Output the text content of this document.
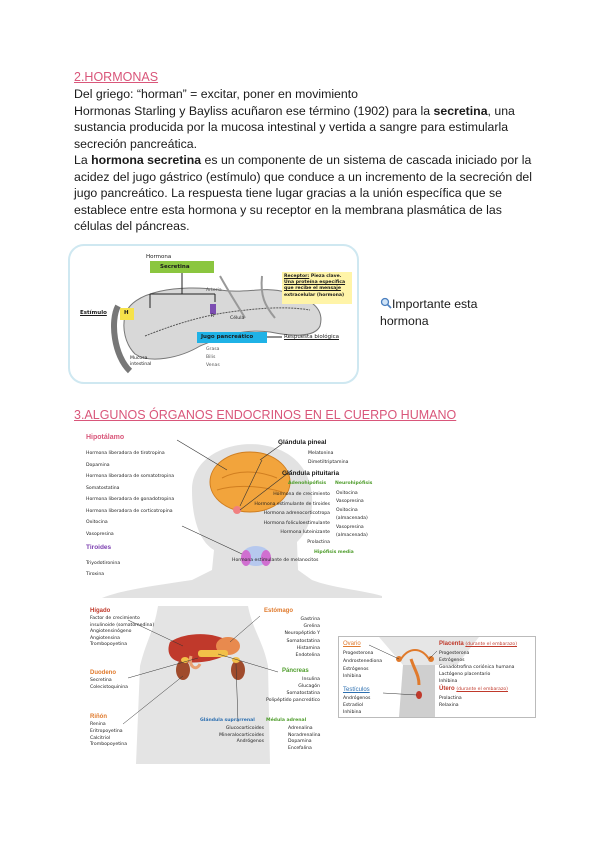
2.HORMONAS

Del griego: “horman” = excitar, poner en movimiento

Hormonas Starling y Bayliss acuñaron ese término (1902) para la secretina, una sustancia producida por la mucosa intestinal y vertida a sangre para estimularla secreción pancreática.

La hormona secretina es un componente de un sistema de cascada iniciado por la acidez del jugo gástrico (estímulo) que conduce a un incremento de la secreción del jugo pancreático. La respuesta tiene lugar gracias a la unión específica que se establece entre esta hormona y su receptor en la membrana plasmática de las células del páncreas.

Hormona
Secretina
Estímulo	H
Arteria
R	Célula
Jugo pancreático	Respuesta biológica
Grasa
Bilis
Venas
Mucosa
intestinal
Receptor: Pieza clave.
Una proteína específica
que recibe el mensaje
extracelular (hormona)
Importante esta
hormona
3.ALGUNOS ÓRGANOS ENDOCRINOS EN EL CUERPO HUMANO
Hipotálamo
Hormona liberadora de tirotropina
Dopamina
Hormona liberadora de somatotropina
Somatostatina
Hormona liberadora de gonadotropina
Hormona liberadora de corticotropina
Oxitocina
Vasopresina
Tiroides
Triyodotironina
Tiroxina
Glándula pineal
Melatonina
Dimetiltriptamina
Glándula pituitaria
Adenohipófisis Neurohipófisis
Hormona de crecimiento
Hormona estimulante de tiroides
Hormona adrenocorticotropa
Hormona foliculoestimulante
Hormona luteinizante
Prolactina
Oxitocina
Vasopresina
Oxitocina
(almacenada)
Vasopresina
(almacenada)
Hipófisis media
Hormona estimulante de melanocitos
Hígado
Factor de crecimiento
insulinoide (somatomedina)
Angiotensinógeno
Angiotensina
Trombopoyetina
Duodeno
Secretina
Colecistoquinina
Riñón
Renina
Eritropoyetina
Calcitriol
Trombopoyetina
Estómago
Gastrina
Grelina
Neuropéptido Y
Somatostatina
Histamina
Endotelina
Páncreas
Insulina
Glucagón
Somatostatina
Polipéptido pancreático
Glándula suprarrenal Médula adrenal
Glucocorticoides
Mineralocorticoides
Andrógenos
Adrenalina
Noradrenalina
Dopamina
Encefalina
Ovario
Progesterona
Androstenediona
Estrógenos
Inhibina
Testículos
Andrógenos
Estradiol
Inhibina
Placenta (durante el embarazo)
Progesterona
Estrógenos
Gonadotrofina coriónica humana
Lactógeno placentario
Inhibina
Útero (durante el embarazo)
Prolactina
Relaxina
